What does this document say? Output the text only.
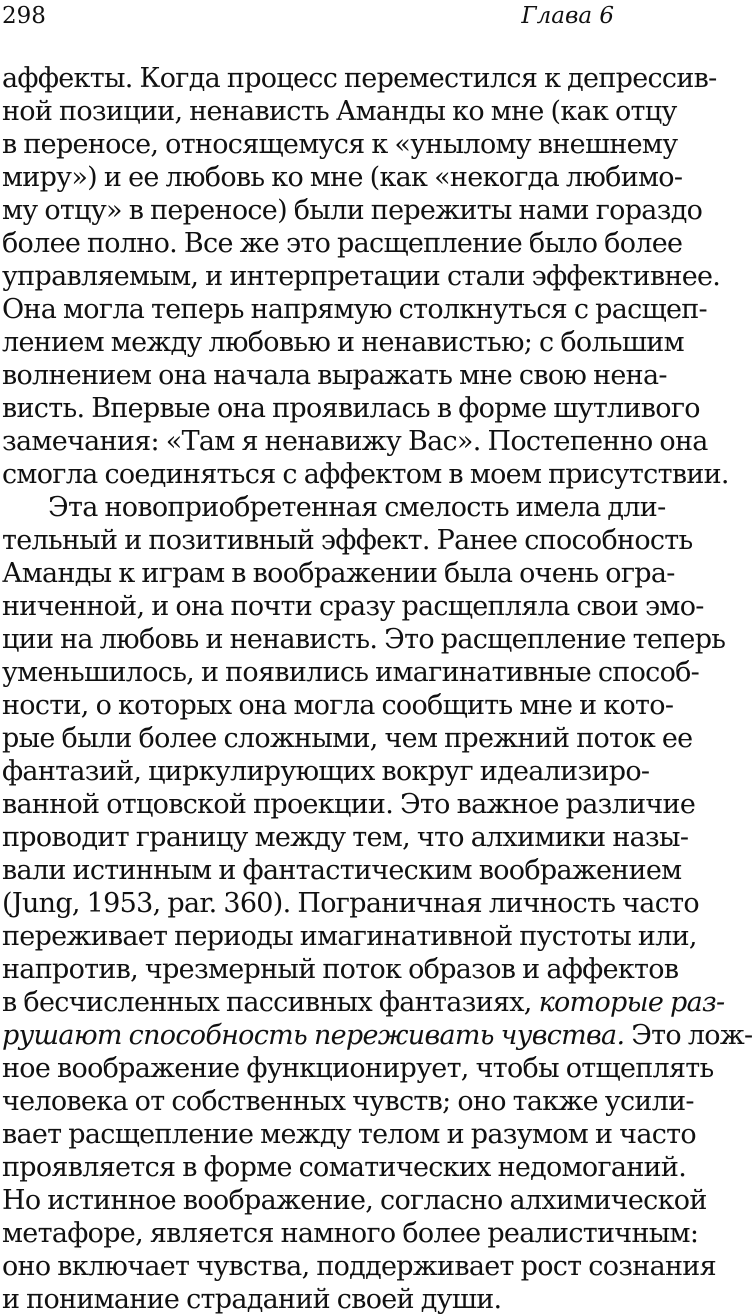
298	Глава 6
аффекты. Когда процесс переместился к депрессив-
ной позиции, ненависть Аманды ко мне (как отцу
в переносе, относящемуся к «унылому внешнему
миру») и ее любовь ко мне (как «некогда любимо-
му отцу» в переносе) были пережиты нами гораздо
более полно. Все же это расщепление было более
управляемым, и интерпретации стали эффективнее.
Она могла теперь напрямую столкнуться с расщеп-
лением между любовью и ненавистью; с большим
волнением она начала выражать мне свою нена-
висть. Впервые она проявилась в форме шутливого
замечания: «Там я ненавижу Вас». Постепенно она
смогла соединяться с аффектом в моем присутствии.
Эта новоприобретенная смелость имела дли-
тельный и позитивный эффект. Ранее способность
Аманды к играм в воображении была очень огра-
ниченной, и она почти сразу расщепляла свои эмо-
ции на любовь и ненависть. Это расщепление теперь
уменьшилось, и появились имагинативные способ-
ности, о которых она могла сообщить мне и кото-
рые были более сложными, чем прежний поток ее
фантазий, циркулирующих вокруг идеализиро-
ванной отцовской проекции. Это важное различие
проводит границу между тем, что алхимики назы-
вали истинным и фантастическим воображением
(Jung, 1953, par. 360). Пограничная личность часто
переживает периоды имагинативной пустоты или,
напротив, чрезмерный поток образов и аффектов
в бесчисленных пассивных фантазиях, которые раз-
рушают способность переживать чувства. Это лож-
ное воображение функционирует, чтобы отщеплять
человека от собственных чувств; оно также усили-
вает расщепление между телом и разумом и часто
проявляется в форме соматических недомоганий.
Но истинное воображение, согласно алхимической
метафоре, является намного более реалистичным:
оно включает чувства, поддерживает рост сознания
и понимание страданий своей души.
